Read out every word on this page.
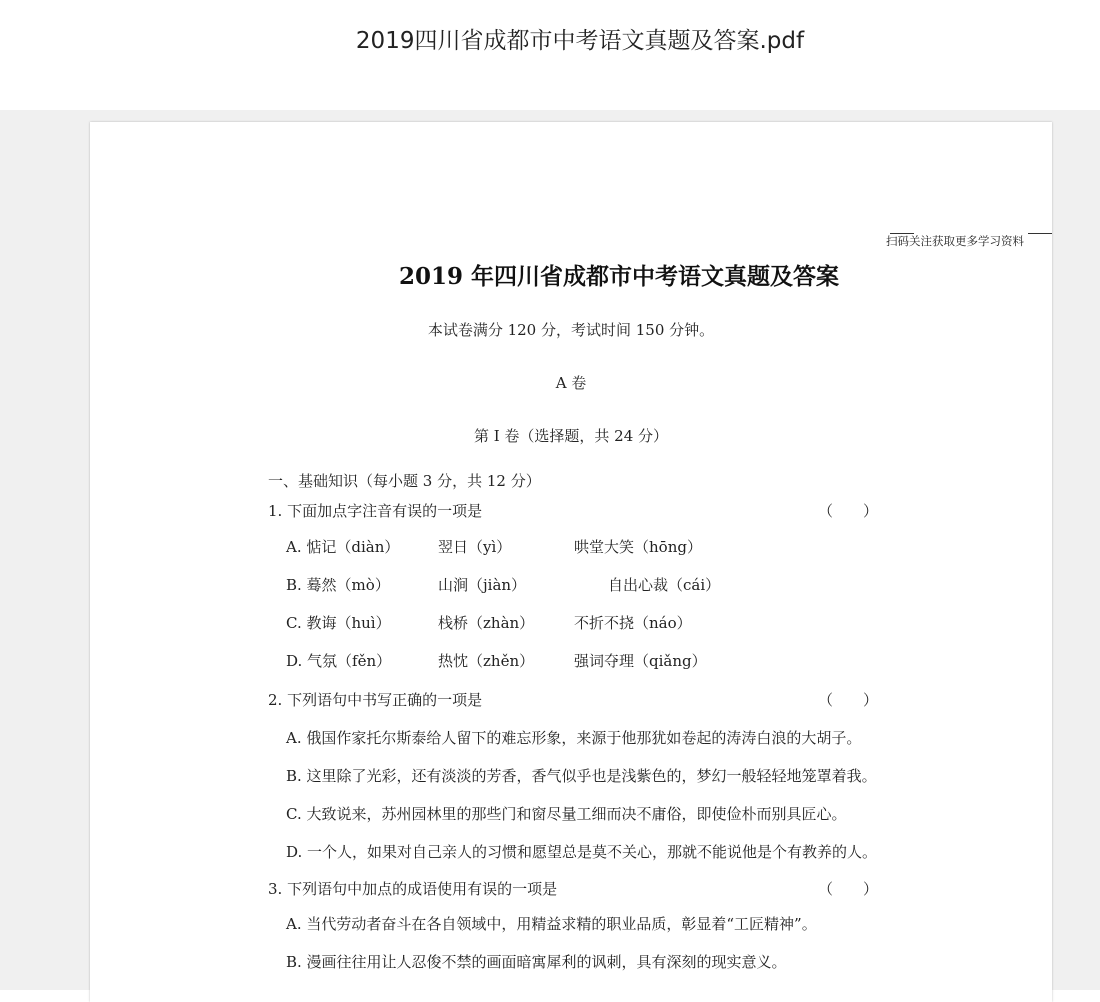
2019四川省成都市中考语文真题及答案.pdf
扫码关注获取更多学习资料
2019 年四川省成都市中考语文真题及答案
本试卷满分 120 分，考试时间 150 分钟。
A 卷
第 I 卷（选择题，共 24 分）
一、基础知识（每小题 3 分，共 12 分）
1. 下面加点字注音有误的一项是	（　　）
A. 惦记（diàn）	翌日（yì）	哄堂大笑（hōng）
B. 蓦然（mò）	山涧（jiàn）	自出心裁（cái）
C. 教诲（huì）	栈桥（zhàn）	不折不挠（náo）
D. 气氛（fěn）	热忱（zhěn）	强词夺理（qiǎng）
2. 下列语句中书写正确的一项是	（　　）
A. 俄国作家托尔斯泰给人留下的难忘形象，来源于他那犹如卷起的涛涛白浪的大胡子。
B. 这里除了光彩，还有淡淡的芳香，香气似乎也是浅紫色的，梦幻一般轻轻地笼罩着我。
C. 大致说来，苏州园林里的那些门和窗尽量工细而决不庸俗，即使俭朴而别具匠心。
D. 一个人，如果对自己亲人的习惯和愿望总是莫不关心，那就不能说他是个有教养的人。
3. 下列语句中加点的成语使用有误的一项是	（　　）
A. 当代劳动者奋斗在各自领域中，用精益求精的职业品质，彰显着“工匠精神”。
B. 漫画往往用让人忍俊不禁的画面暗寓犀利的讽刺，具有深刻的现实意义。
